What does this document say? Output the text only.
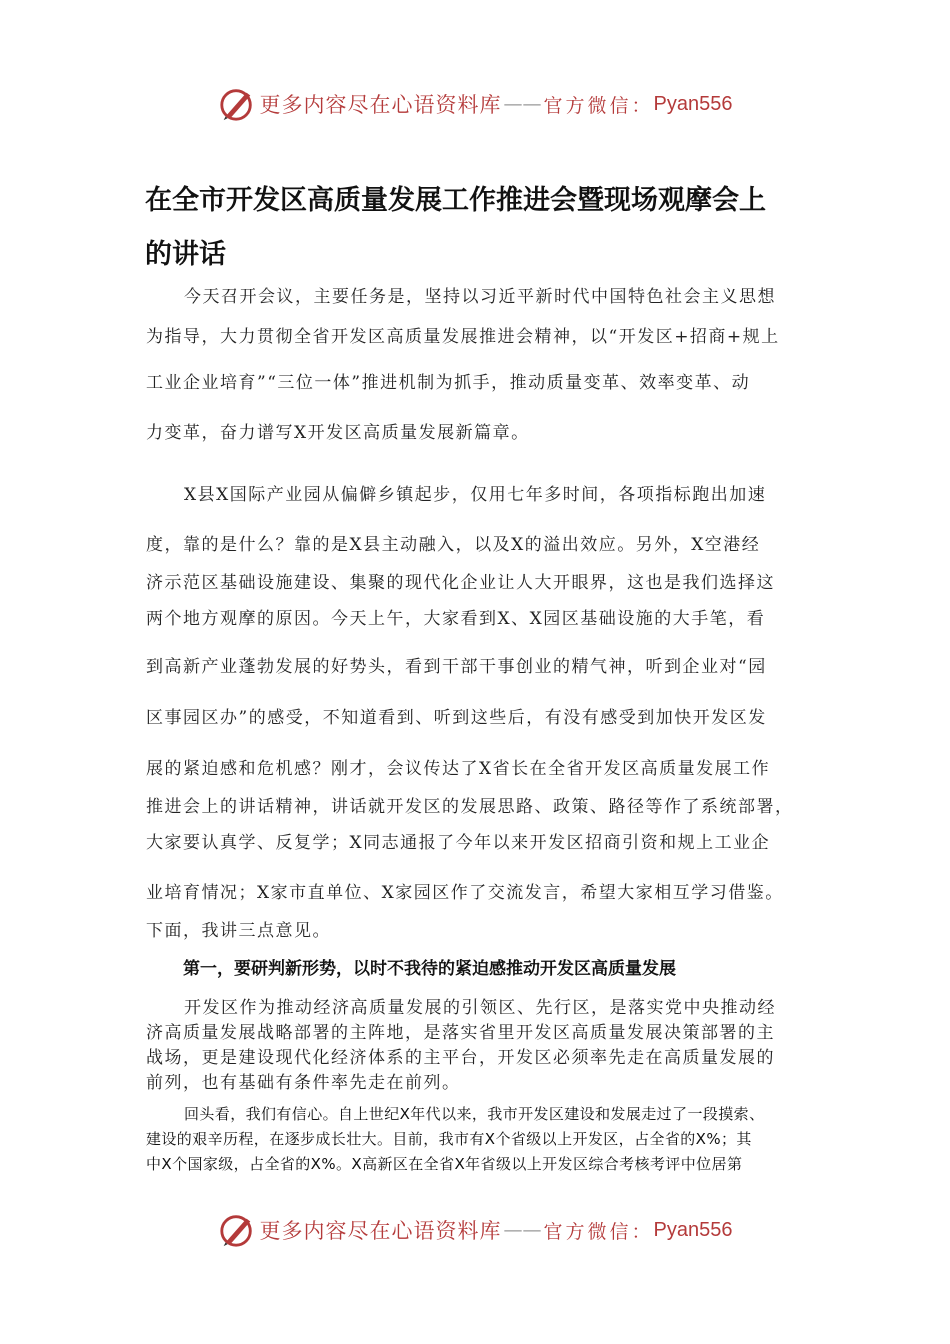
更多内容尽在心语资料库 —— 官方微信： Pyan556
在全市开发区高质量发展工作推进会暨现场观摩会上
的讲话
今天召开会议，主要任务是，坚持以习近平新时代中国特色社会主义思想
为指导，大力贯彻全省开发区高质量发展推进会精神，以“开发区+招商+规上
工业企业培育”“三位一体”推进机制为抓手，推动质量变革、效率变革、动
力变革，奋力谱写X开发区高质量发展新篇章。
X县X国际产业园从偏僻乡镇起步，仅用七年多时间，各项指标跑出加速
度，靠的是什么？靠的是X县主动融入，以及X的溢出效应。另外，X空港经
济示范区基础设施建设、集聚的现代化企业让人大开眼界，这也是我们选择这
两个地方观摩的原因。今天上午，大家看到X、X园区基础设施的大手笔，看
到高新产业蓬勃发展的好势头，看到干部干事创业的精气神，听到企业对“园
区事园区办”的感受，不知道看到、听到这些后，有没有感受到加快开发区发
展的紧迫感和危机感？刚才，会议传达了X省长在全省开发区高质量发展工作
推进会上的讲话精神，讲话就开发区的发展思路、政策、路径等作了系统部署，
大家要认真学、反复学；X同志通报了今年以来开发区招商引资和规上工业企
业培育情况；X家市直单位、X家园区作了交流发言，希望大家相互学习借鉴。
下面，我讲三点意见。
第一，要研判新形势，以时不我待的紧迫感推动开发区高质量发展
开发区作为推动经济高质量发展的引领区、先行区，是落实党中央推动经
济高质量发展战略部署的主阵地，是落实省里开发区高质量发展决策部署的主
战场，更是建设现代化经济体系的主平台，开发区必须率先走在高质量发展的
前列，也有基础有条件率先走在前列。
回头看，我们有信心。自上世纪X年代以来，我市开发区建设和发展走过了一段摸索、
建设的艰辛历程，在逐步成长壮大。目前，我市有X个省级以上开发区，占全省的X%；其
中X个国家级，占全省的X%。X高新区在全省X年省级以上开发区综合考核考评中位居第
更多内容尽在心语资料库 —— 官方微信： Pyan556
